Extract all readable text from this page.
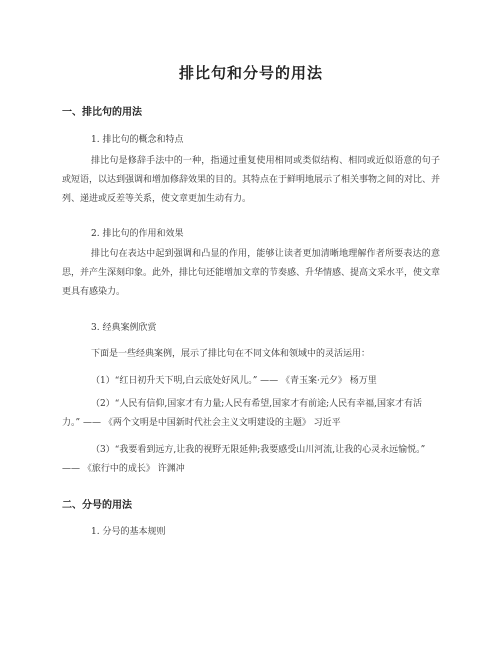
排比句和分号的用法
一、排比句的用法
1. 排比句的概念和特点
排比句是修辞手法中的一种，指通过重复使用相同或类似结构、相同或近似语意的句子或短语，以达到强调和增加修辞效果的目的。其特点在于鲜明地展示了相关事物之间的对比、并列、递进或反差等关系，使文章更加生动有力。
2. 排比句的作用和效果
排比句在表达中起到强调和凸显的作用，能够让读者更加清晰地理解作者所要表达的意思，并产生深刻印象。此外，排比句还能增加文章的节奏感、升华情感、提高文采水平，使文章更具有感染力。
3. 经典案例欣赏
下面是一些经典案例，展示了排比句在不同文体和领域中的灵活运用：
（1）“红日初升天下明,白云底处好风儿。” —— 《青玉案·元夕》 杨万里
（2）“人民有信仰,国家才有力量;人民有希望,国家才有前途;人民有幸福,国家才有活力。” —— 《两个文明是中国新时代社会主义文明建设的主题》 习近平
（3）“我要看到远方,让我的视野无限延伸;我要感受山川河流,让我的心灵永远愉悦。” —— 《旅行中的成长》 许渊冲
二、分号的用法
1. 分号的基本规则
